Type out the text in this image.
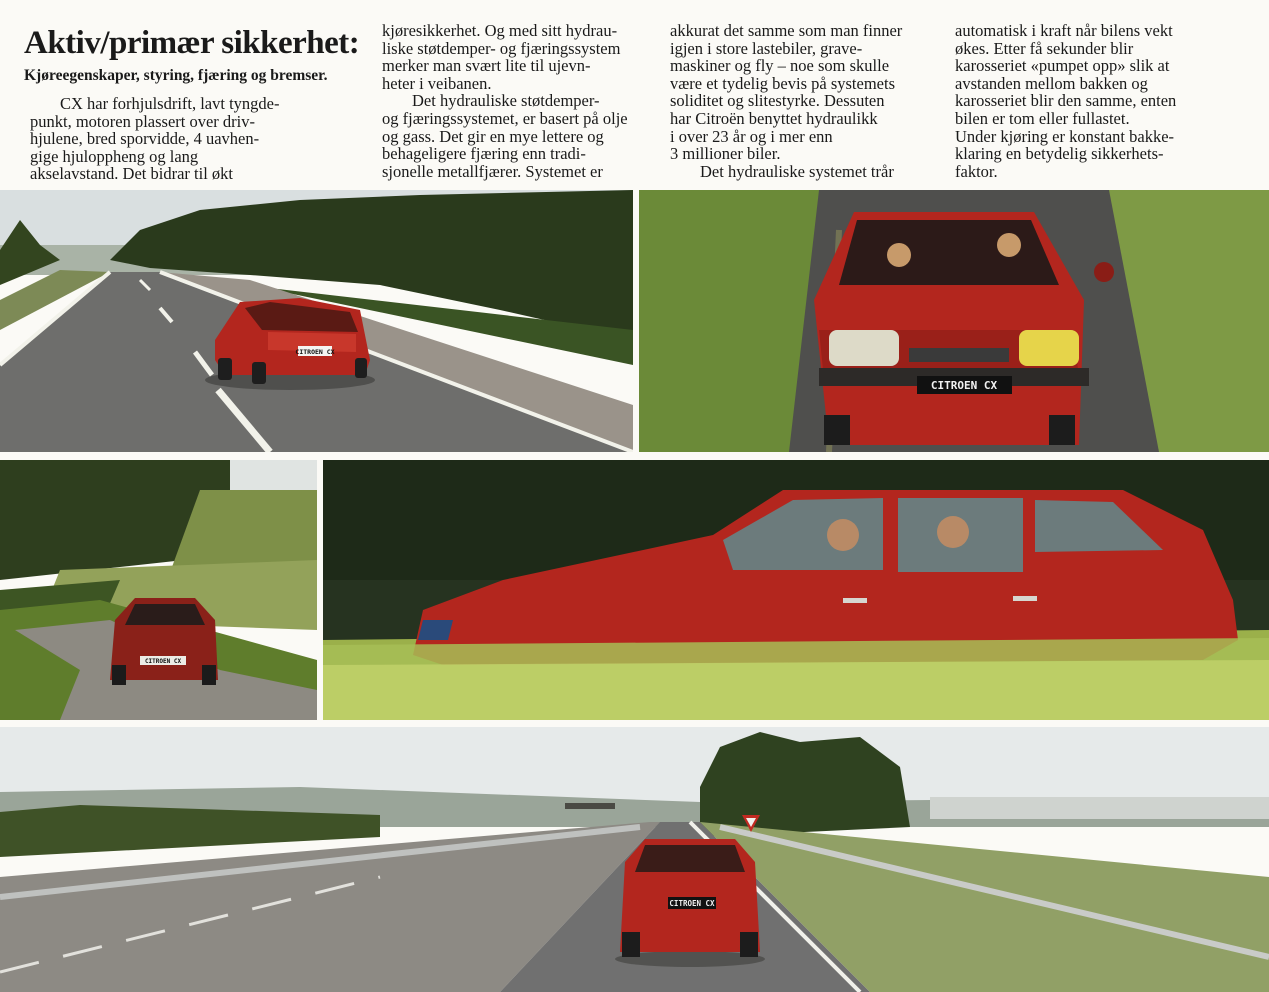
Aktiv/primær sikkerhet:

Kjøreegenskaper, styring, fjæring og bremser.

CX har forhjulsdrift, lavt tyngde-

punkt, motoren plassert over driv-

hjulene, bred sporvidde, 4 uavhen-

gige hjuloppheng og lang

akselavstand. Det bidrar til økt

kjøresikkerhet. Og med sitt hydrau-

liske støtdemper- og fjæringssystem

merker man svært lite til ujevn-

heter i veibanen.

Det hydrauliske støtdemper-

og fjæringssystemet, er basert på olje

og gass. Det gir en mye lettere og

behageligere fjæring enn tradi-

sjonelle metallfjærer. Systemet er

akkurat det samme som man finner

igjen i store lastebiler, grave-

maskiner og fly – noe som skulle

være et tydelig bevis på systemets

soliditet og slitestyrke. Dessuten

har Citroën benyttet hydraulikk

i over 23 år og i mer enn

3 millioner biler.

Det hydrauliske systemet trår

automatisk i kraft når bilens vekt

økes. Etter få sekunder blir

karosseriet «pumpet opp» slik at

avstanden mellom bakken og

karosseriet blir den samme, enten

bilen er tom eller fullastet.

Under kjøring er konstant bakke-

klaring en betydelig sikkerhets-

faktor.

CITROEN CX
CITROEN CX
CITROEN CX
CITROEN CX
